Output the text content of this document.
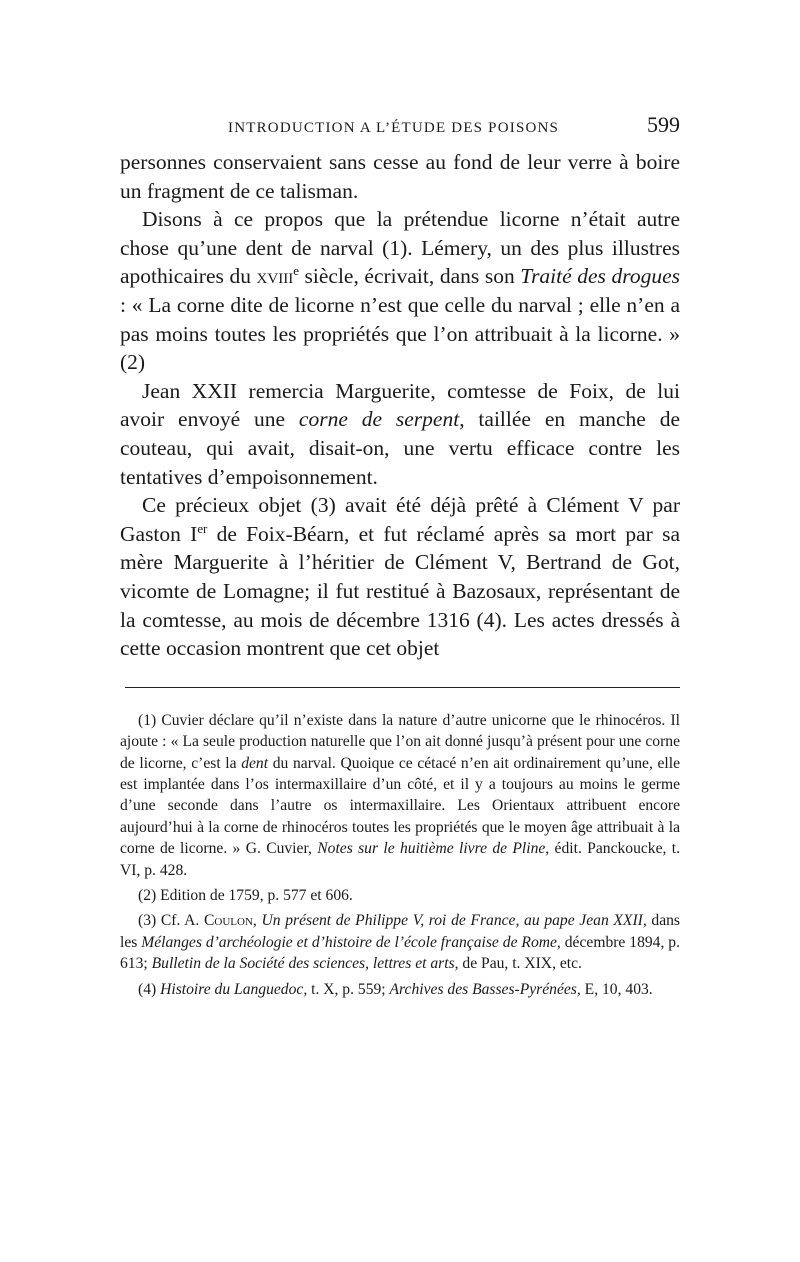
INTRODUCTION A L’ÉTUDE DES POISONS	599

personnes conservaient sans cesse au fond de leur verre à boire un fragment de ce talisman.

Disons à ce propos que la prétendue licorne n’était autre chose qu’une dent de narval (1). Lémery, un des plus illustres apothicaires du xviii$^e$ siècle, écrivait, dans son Traité des drogues : « La corne dite de licorne n’est que celle du narval ; elle n’en a pas moins toutes les propriétés que l’on attribuait à la licorne. » (2)

Jean XXII remercia Marguerite, comtesse de Foix, de lui avoir envoyé une corne de serpent, taillée en manche de couteau, qui avait, disait-on, une vertu efficace contre les tentatives d’empoisonnement.

Ce précieux objet (3) avait été déjà prêté à Clément V par Gaston Ier de Foix-Béarn, et fut réclamé après sa mort par sa mère Marguerite à l’héritier de Clément V, Bertrand de Got, vicomte de Lomagne; il fut restitué à Bazosaux, représentant de la comtesse, au mois de décembre 1316 (4). Les actes dressés à cette occasion montrent que cet objet

(1) Cuvier déclare qu’il n’existe dans la nature d’autre unicorne que le rhinocéros. Il ajoute : « La seule production naturelle que l’on ait donné jusqu’à présent pour une corne de licorne, c’est la dent du narval. Quoique ce cétacé n’en ait ordinairement qu’une, elle est implantée dans l’os intermaxillaire d’un côté, et il y a toujours au moins le germe d’une seconde dans l’autre os intermaxillaire. Les Orientaux attribuent encore aujourd’hui à la corne de rhinocéros toutes les propriétés que le moyen âge attribuait à la corne de licorne. » G. Cuvier, Notes sur le huitième livre de Pline, édit. Panckoucke, t. VI, p. 428.

(2) Edition de 1759, p. 577 et 606.

(3) Cf. A. Coulon, Un présent de Philippe V, roi de France, au pape Jean XXII, dans les Mélanges d’archéologie et d’histoire de l’école française de Rome, décembre 1894, p. 613; Bulletin de la Société des sciences, lettres et arts, de Pau, t. XIX, etc.

(4) Histoire du Languedoc, t. X, p. 559; Archives des Basses-Pyrénées, E, 10, 403.
